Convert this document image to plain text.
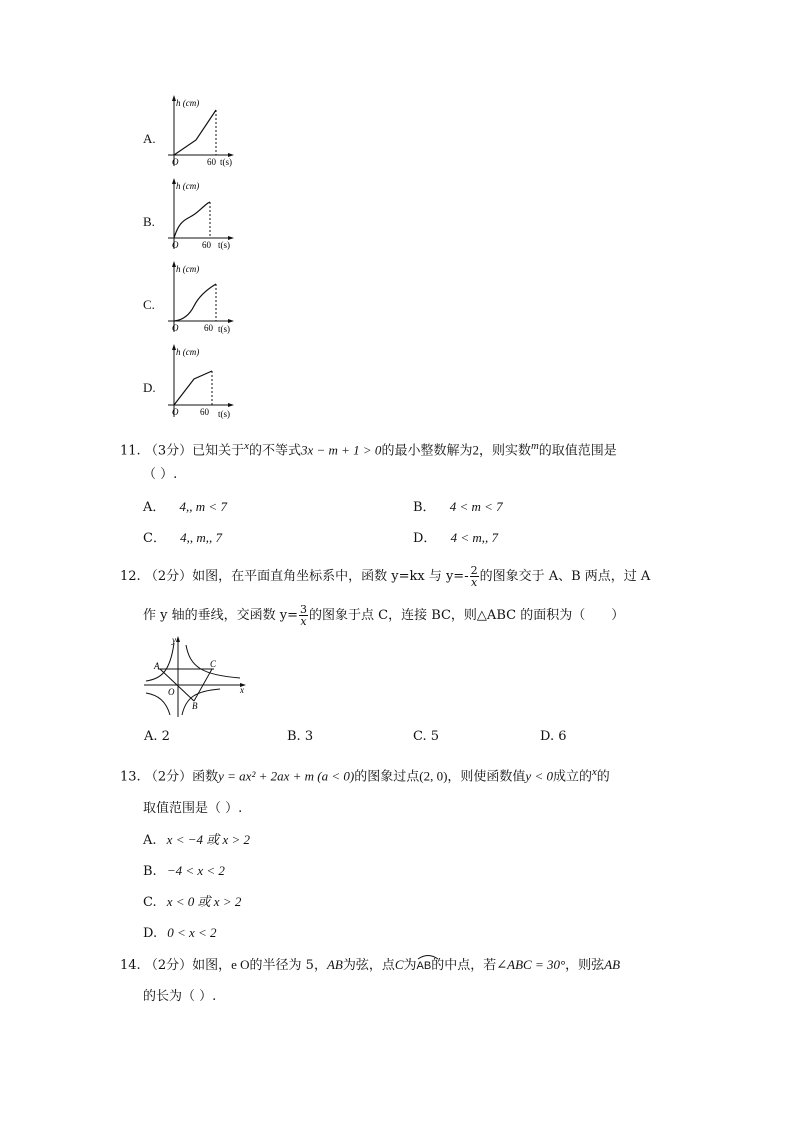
A.
h (cm)
O	60 t(s)
B.
h (cm)
O	60 t(s)
C.
h (cm)
O	60 t(s)
D.
h (cm)
O 60 t(s)
11. （3分）已知关于$^x$的不等式3x − m + 1 > 0的最小整数解为2，则实数$^m$的取值范围是
（ ）.
A． 4,, m < 7	B． 4 < m < 7
C． 4,, m,, 7	D． 4 < m,, 7
12. （2分）如图，在平面直角坐标系中，函数 y=kx 与 $y=- \frac{2}{x}$ 的图象交于 A、B 两点，过 A
作 y 轴的垂线，交函数 $y= \frac{3}{x}$ 的图象于点 C，连接 BC，则△ABC 的面积为（　　）
y
x
A	C
O
B
A. 2	B. 3	C. 5	D. 6
13. （2分）函数y = ax² + 2ax + m (a < 0)的图象过点(2, 0)，则使函数值y < 0成立的$^x$的
取值范围是（ ）.
A. x < −4 或 x > 2
B. −4 < x < 2
C. x < 0 或 x > 2
D. 0 < x < 2
14. （2分）如图，e O的半径为 5，AB为弦，点C为
AB的中点，若∠ABC = 30°，则弦AB
的长为（ ）.
